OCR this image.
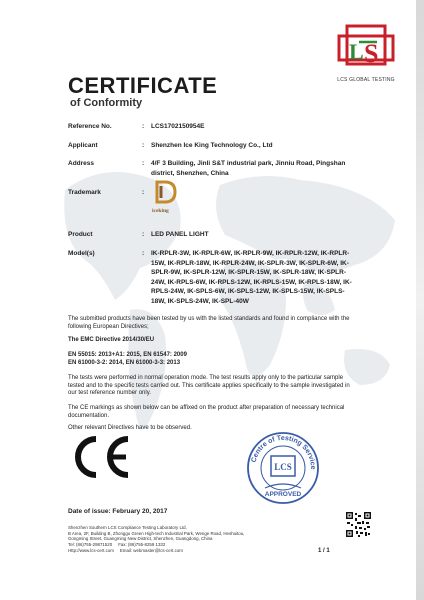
L S
LCS GLOBAL TESTING
CERTIFICATE
of Conformity
Reference No.	: LCS1702150954E
Applicant	: Shenzhen Ice King Technology Co., Ltd
Address	: 4/F 3 Building, Jinli S&T industrial park, Jinniu Road, Pingshan district, Shenzhen, China
Trademark	:
iceking
Product	: LED PANEL LIGHT
Model(s)	: IK-RPLR-3W, IK-RPLR-6W, IK-RPLR-9W, IK-RPLR-12W, IK-RPLR-15W, IK-RPLR-18W, IK-RPLR-24W, IK-SPLR-3W, IK-SPLR-6W, IK-SPLR-9W, IK-SPLR-12W, IK-SPLR-15W, IK-SPLR-18W, IK-SPLR-24W, IK-RPLS-6W, IK-RPLS-12W, IK-RPLS-15W, IK-RPLS-18W, IK-RPLS-24W, IK-SPLS-6W, IK-SPLS-12W, IK-SPLS-15W, IK-SPLS-18W, IK-SPLS-24W, IK-SPL-40W
The submitted products have been tested by us with the listed standards and found in compliance with the following European Directives;
The EMC Directive 2014/30/EU
EN 55015: 2013+A1: 2015, EN 61547: 2009
EN 61000-3-2: 2014, EN 61000-3-3: 2013
The tests were performed in normal operation mode. The test results apply only to the particular sample tested and to the specific tests carried out. This certificate applies specifically to the sample investigated in our test reference number only.
The CE markings as shown below can be affixed on the product after preparation of necessary technical documentation.
Other relevant Directives have to be observed.
Centre of Testing Service
LCS
APPROVED
Date of issue: February 20, 2017
Shenzhen Southern LCS Compliance Testing Laboratory Ltd.
B Area, 2F, Building B, Zhonggu Green High-tech Industrial Park, Wenge Road, Heshuitou,
Gongming Street, Guangming New District, Shenzhen, Guangdong, China
Tel: (86)755-29871520 Fax: (86)755-8259 1332
Http://www.lcs-cert.com Email: webmaster@lcs-cert.com	1 / 1
